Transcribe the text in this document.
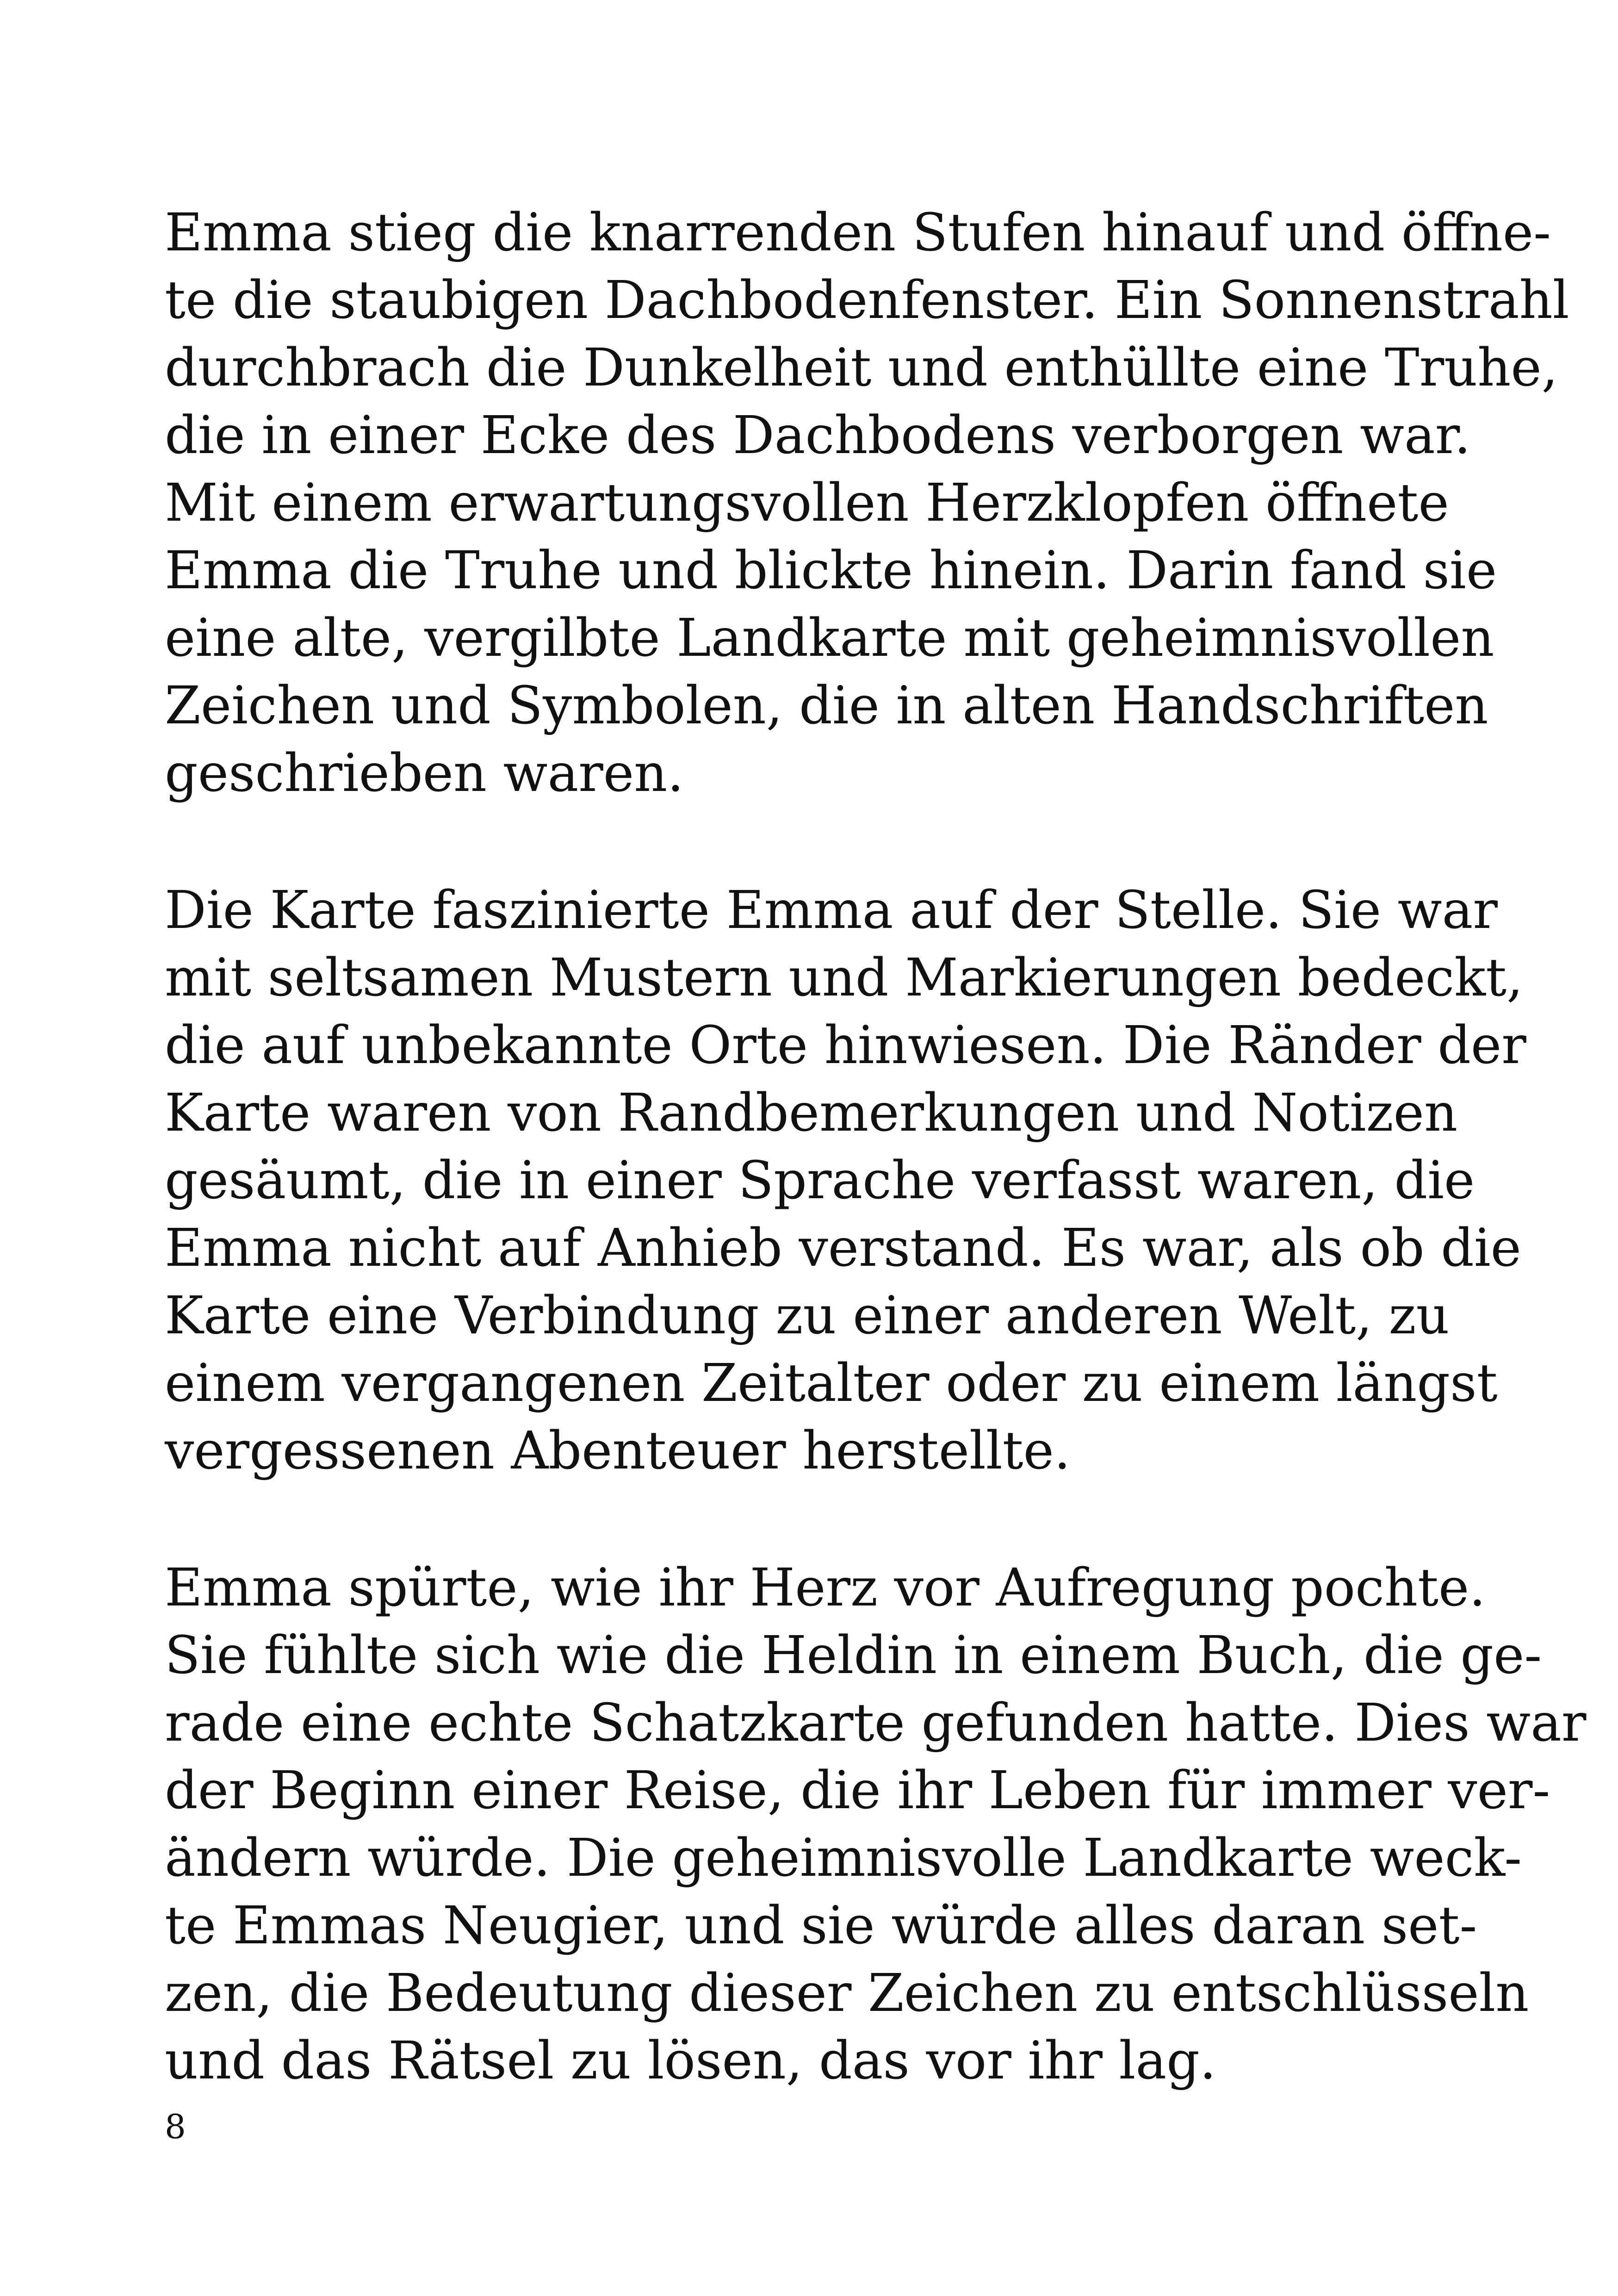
Emma stieg die knarrenden Stufen hinauf und öffne-
te die staubigen Dachbodenfenster. Ein Sonnenstrahl
durchbrach die Dunkelheit und enthüllte eine Truhe,
die in einer Ecke des Dachbodens verborgen war.
Mit einem erwartungsvollen Herzklopfen öffnete
Emma die Truhe und blickte hinein. Darin fand sie
eine alte, vergilbte Landkarte mit geheimnisvollen
Zeichen und Symbolen, die in alten Handschriften
geschrieben waren.

Die Karte faszinierte Emma auf der Stelle. Sie war
mit seltsamen Mustern und Markierungen bedeckt,
die auf unbekannte Orte hinwiesen. Die Ränder der
Karte waren von Randbemerkungen und Notizen
gesäumt, die in einer Sprache verfasst waren, die
Emma nicht auf Anhieb verstand. Es war, als ob die
Karte eine Verbindung zu einer anderen Welt, zu
einem vergangenen Zeitalter oder zu einem längst
vergessenen Abenteuer herstellte.

Emma spürte, wie ihr Herz vor Aufregung pochte.
Sie fühlte sich wie die Heldin in einem Buch, die ge-
rade eine echte Schatzkarte gefunden hatte. Dies war
der Beginn einer Reise, die ihr Leben für immer ver-
ändern würde. Die geheimnisvolle Landkarte weck-
te Emmas Neugier, und sie würde alles daran set-
zen, die Bedeutung dieser Zeichen zu entschlüsseln
und das Rätsel zu lösen, das vor ihr lag.

8
